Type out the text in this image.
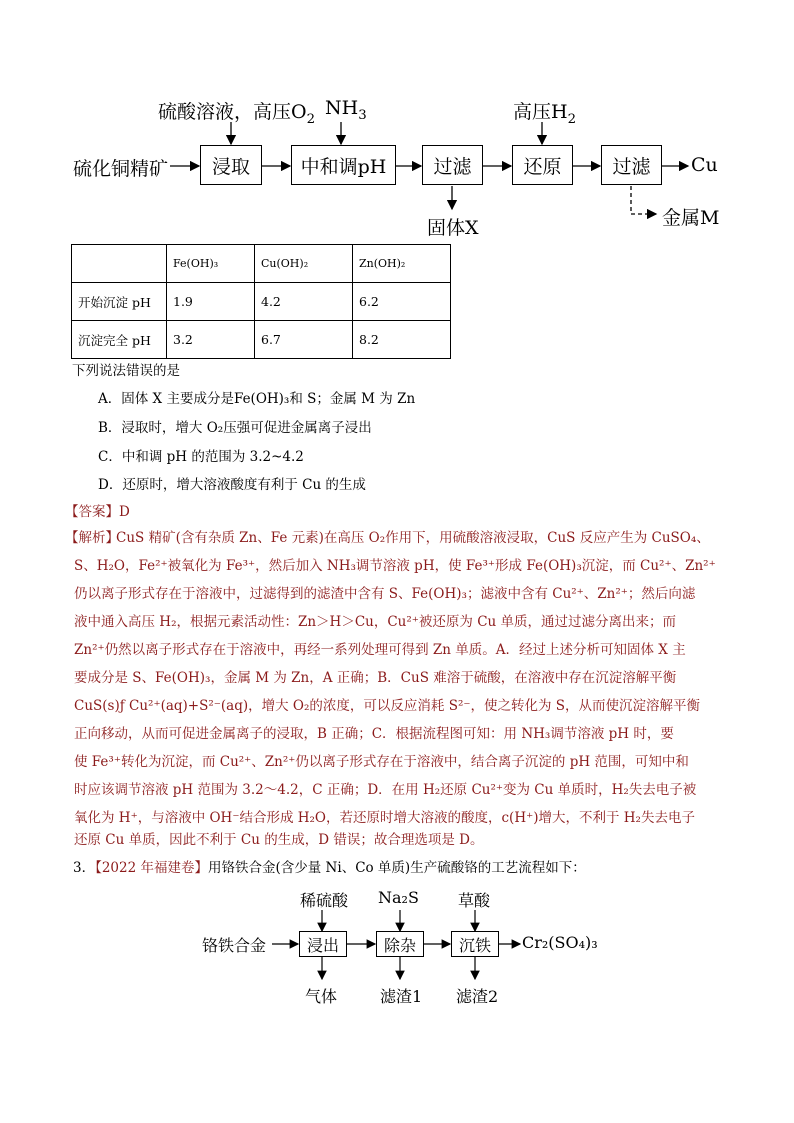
硫化铜精矿
硫酸溶液，高压$O_2$
$NH_3$	高压$H_2$
浸取	中和调pH	过滤	还原	过滤	Cu
固体X	金属M
	Fe(OH)₃	Cu(OH)₂	Zn(OH)₂
开始沉淀 pH	1.9	4.2	6.2
沉淀完全 pH	3.2	6.7	8.2
下列说法错误的是
A．固体 X 主要成分是Fe(OH)₃和 S；金属 M 为 Zn
B．浸取时，增大 O₂压强可促进金属离子浸出
C．中和调 pH 的范围为 3.2~4.2
D．还原时，增大溶液酸度有利于 Cu 的生成
【答案】D
【解析】
CuS 精矿(含有杂质 Zn、Fe 元素)在高压 O₂作用下，用硫酸溶液浸取，CuS 反应产生为 CuSO₄、
S、H₂O，Fe²⁺被氧化为 Fe³⁺，然后加入 NH₃调节溶液 pH，使 Fe³⁺形成 Fe(OH)₃沉淀，而 Cu²⁺、Zn²⁺
仍以离子形式存在于溶液中，过滤得到的滤渣中含有 S、Fe(OH)₃；滤液中含有 Cu²⁺、Zn²⁺；然后向滤
液中通入高压 H₂，根据元素活动性：Zn＞H＞Cu，Cu²⁺被还原为 Cu 单质，通过过滤分离出来；而
Zn²⁺仍然以离子形式存在于溶液中，再经一系列处理可得到 Zn 单质。A．经过上述分析可知固体 X 主
要成分是 S、Fe(OH)₃，金属 M 为 Zn，A 正确；B．CuS 难溶于硫酸，在溶液中存在沉淀溶解平衡
CuS(s)ƒ Cu²⁺(aq)+S²⁻(aq)，增大 O₂的浓度，可以反应消耗 S²⁻，使之转化为 S，从而使沉淀溶解平衡
正向移动，从而可促进金属离子的浸取，B 正确；C．根据流程图可知：用 NH₃调节溶液 pH 时，要
使 Fe³⁺转化为沉淀，而 Cu²⁺、Zn²⁺仍以离子形式存在于溶液中，结合离子沉淀的 pH 范围，可知中和
时应该调节溶液 pH 范围为 3.2～4.2，C 正确；D．在用 H₂还原 Cu²⁺变为 Cu 单质时，H₂失去电子被
氧化为 H⁺，与溶液中 OH⁻结合形成 H₂O，若还原时增大溶液的酸度，c(H⁺)增大，不利于 H₂失去电子
还原 Cu 单质，因此不利于 Cu 的生成，D 错误；故合理选项是 D。
3．【2022 年福建卷】用铬铁合金(含少量 Ni、Co 单质)生产硫酸铬的工艺流程如下：
铬铁合金
稀硫酸 Na₂S 草酸
浸出	除杂	沉铁	Cr₂(SO₄)₃
气体	滤渣1 滤渣2
